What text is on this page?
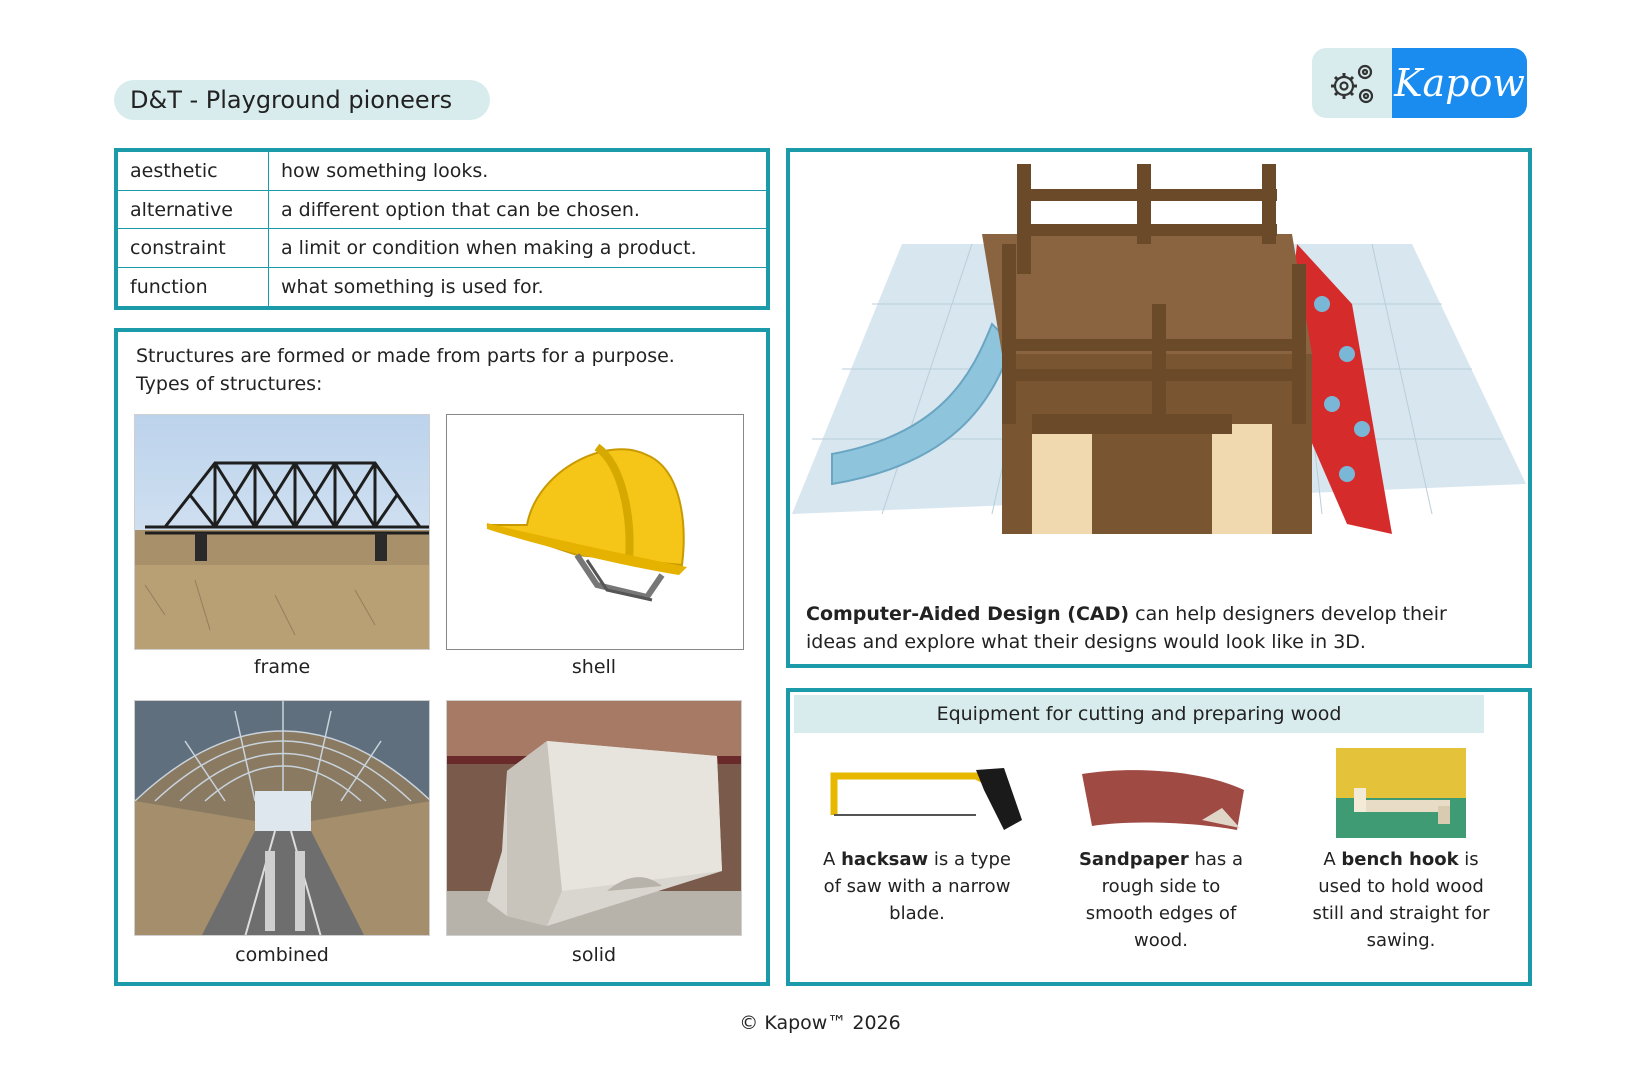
D&T - Playground pioneers	Kapow
aesthetic	how something looks.
alternative	a different option that can be chosen.
constraint	a limit or condition when making a product.
function	what something is used for.
Structures are formed or made from parts for a purpose.
Types of structures:
frame	shell
combined	solid
Computer-Aided Design (CAD) can help designers develop their
ideas and explore what their designs would look like in 3D.
Equipment for cutting and preparing wood
A hacksaw is a type of saw with a narrow blade.
Sandpaper has a rough side to smooth edges of wood.
A bench hook is used to hold wood still and straight for sawing.
© Kapow™ 2026
